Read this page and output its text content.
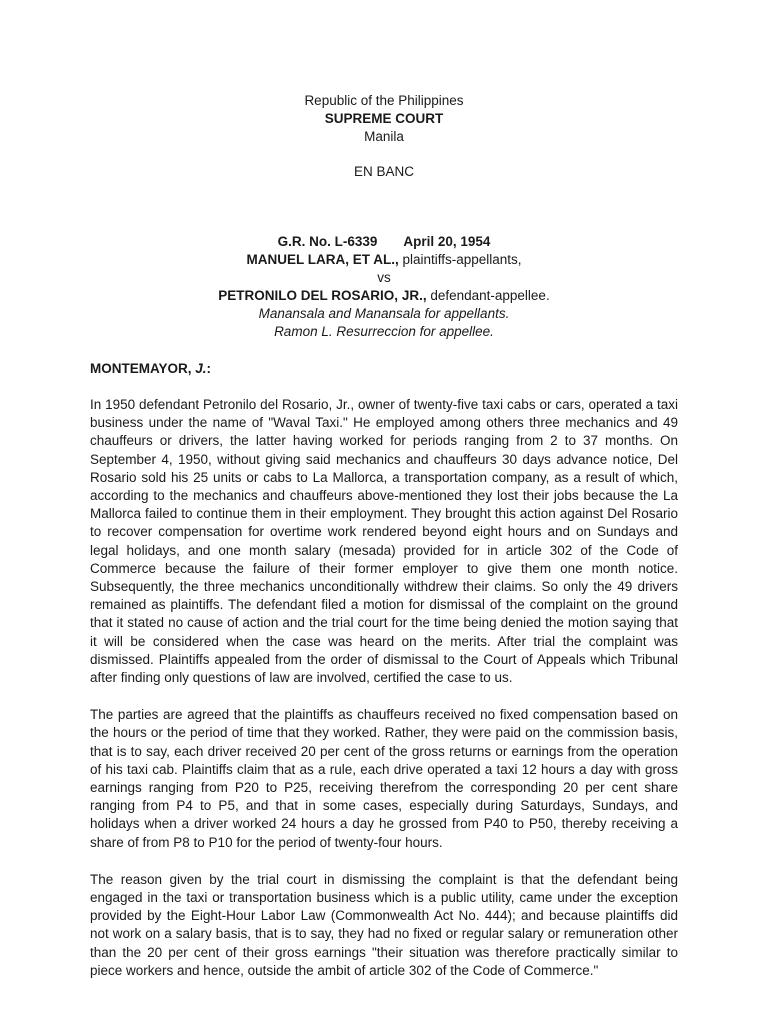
Republic of the Philippines
SUPREME COURT
Manila
EN BANC
G.R. No. L-6339 April 20, 1954
MANUEL LARA, ET AL., plaintiffs-appellants,
vs
PETRONILO DEL ROSARIO, JR., defendant-appellee.
Manansala and Manansala for appellants.
Ramon L. Resurreccion for appellee.
MONTEMAYOR, J.:

In 1950 defendant Petronilo del Rosario, Jr., owner of twenty-five taxi cabs or cars, operated a taxi business under the name of "Waval Taxi." He employed among others three mechanics and 49 chauffeurs or drivers, the latter having worked for periods ranging from 2 to 37 months. On September 4, 1950, without giving said mechanics and chauffeurs 30 days advance notice, Del Rosario sold his 25 units or cabs to La Mallorca, a transportation company, as a result of which, according to the mechanics and chauffeurs above-mentioned they lost their jobs because the La Mallorca failed to continue them in their employment. They brought this action against Del Rosario to recover compensation for overtime work rendered beyond eight hours and on Sundays and legal holidays, and one month salary (mesada) provided for in article 302 of the Code of Commerce because the failure of their former employer to give them one month notice. Subsequently, the three mechanics unconditionally withdrew their claims. So only the 49 drivers remained as plaintiffs. The defendant filed a motion for dismissal of the complaint on the ground that it stated no cause of action and the trial court for the time being denied the motion saying that it will be considered when the case was heard on the merits. After trial the complaint was dismissed. Plaintiffs appealed from the order of dismissal to the Court of Appeals which Tribunal after finding only questions of law are involved, certified the case to us.

The parties are agreed that the plaintiffs as chauffeurs received no fixed compensation based on the hours or the period of time that they worked. Rather, they were paid on the commission basis, that is to say, each driver received 20 per cent of the gross returns or earnings from the operation of his taxi cab. Plaintiffs claim that as a rule, each drive operated a taxi 12 hours a day with gross earnings ranging from P20 to P25, receiving therefrom the corresponding 20 per cent share ranging from P4 to P5, and that in some cases, especially during Saturdays, Sundays, and holidays when a driver worked 24 hours a day he grossed from P40 to P50, thereby receiving a share of from P8 to P10 for the period of twenty-four hours.

The reason given by the trial court in dismissing the complaint is that the defendant being engaged in the taxi or transportation business which is a public utility, came under the exception provided by the Eight-Hour Labor Law (Commonwealth Act No. 444); and because plaintiffs did not work on a salary basis, that is to say, they had no fixed or regular salary or remuneration other than the 20 per cent of their gross earnings "their situation was therefore practically similar to piece workers and hence, outside the ambit of article 302 of the Code of Commerce."
